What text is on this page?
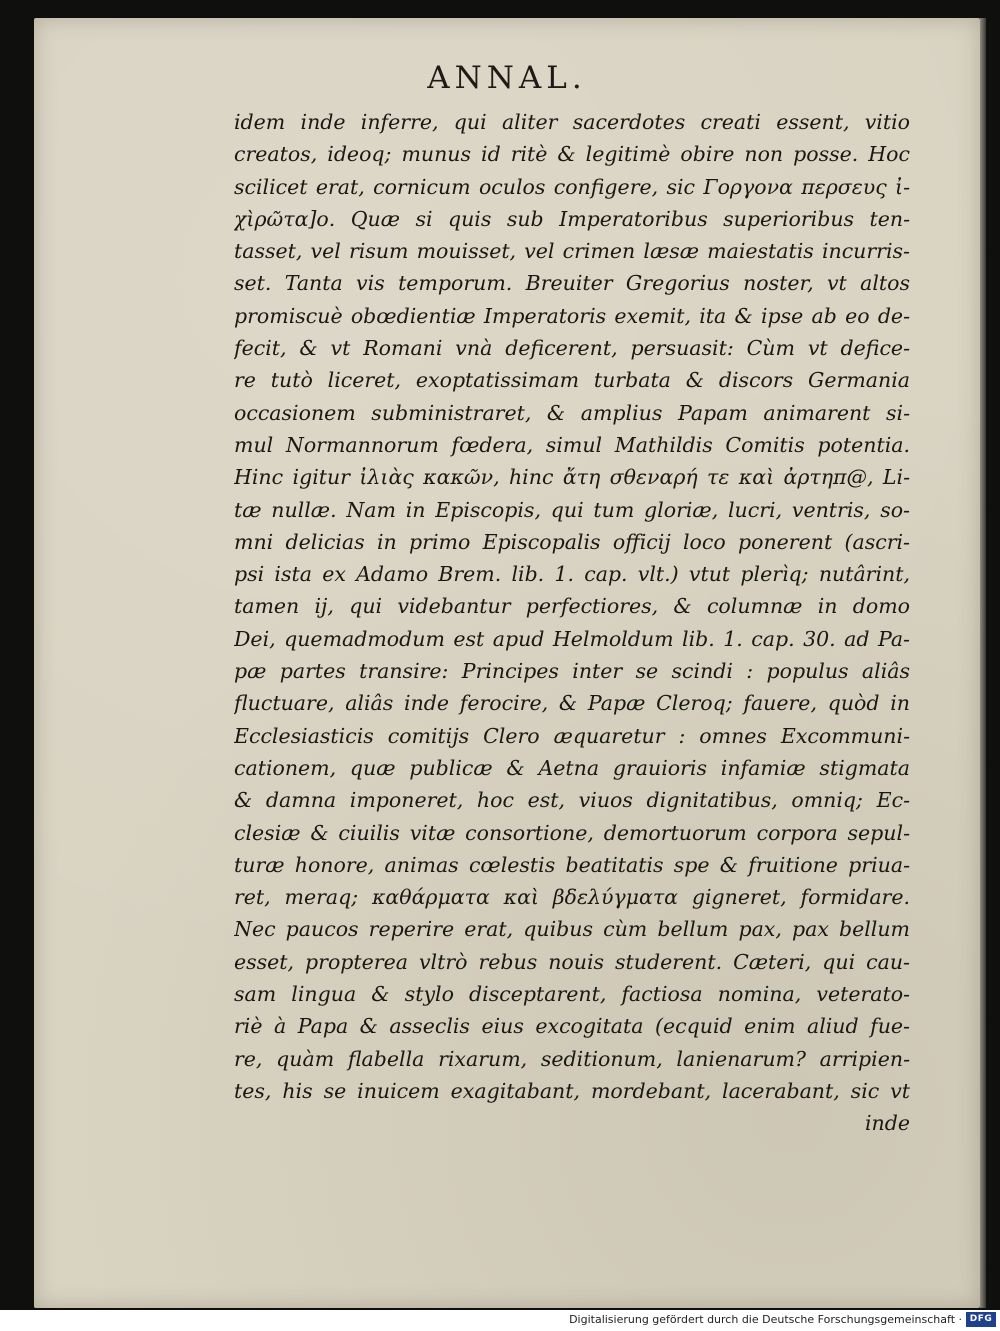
ANNAL.
idem inde inferre, qui aliter sacerdotes creati essent, vitio
creatos, ideoq; munus id ritè & legitimè obire non posse. Hoc
scilicet erat, cornicum oculos configere, sic Γοργονα περσευς ἰ-
χὶρῶτα]ο. Quæ si quis sub Imperatoribus superioribus ten-
tasset, vel risum mouisset, vel crimen læsæ maiestatis incurris-
set. Tanta vis temporum. Breuiter Gregorius noster, vt altos
promiscuè obœdientiæ Imperatoris exemit, ita & ipse ab eo de-
fecit, & vt Romani vnà deficerent, persuasit: Cùm vt defice-
re tutò liceret, exoptatissimam turbata & discors Germania
occasionem subministraret, & amplius Papam animarent si-
mul Normannorum fœdera, simul Mathildis Comitis potentia.
Hinc igitur ἰλιὰς κακῶν, hinc ἄτη σθεναρή τε καὶ ἀρτηπ@, Li-
tæ nullæ. Nam in Episcopis, qui tum gloriæ, lucri, ventris, so-
mni delicias in primo Episcopalis officij loco ponerent (ascri-
psi ista ex Adamo Brem. lib. 1. cap. vlt.) vtut plerìq; nutârint,
tamen ij, qui videbantur perfectiores, & columnæ in domo
Dei, quemadmodum est apud Helmoldum lib. 1. cap. 30. ad Pa-
pæ partes transire: Principes inter se scindi : populus aliâs
fluctuare, aliâs inde ferocire, & Papæ Cleroq; fauere, quòd in
Ecclesiasticis comitijs Clero æquaretur : omnes Excommuni-
cationem, quæ publicæ & Aetna grauioris infamiæ stigmata
& damna imponeret, hoc est, viuos dignitatibus, omniq; Ec-
clesiæ & ciuilis vitæ consortione, demortuorum corpora sepul-
turæ honore, animas cœlestis beatitatis spe & fruitione priua-
ret, meraq; καθάρματα καὶ βδελύγματα gigneret, formidare.
Nec paucos reperire erat, quibus cùm bellum pax, pax bellum
esset, propterea vltrò rebus nouis studerent. Cæteri, qui cau-
sam lingua & stylo disceptarent, factiosa nomina, veterato-
riè à Papa & asseclis eius excogitata (ecquid enim aliud fue-
re, quàm flabella rixarum, seditionum, lanienarum? arripien-
tes, his se inuicem exagitabant, mordebant, lacerabant, sic vt
inde
Digitalisierung gefördert durch die Deutsche Forschungsgemeinschaft · DFG
